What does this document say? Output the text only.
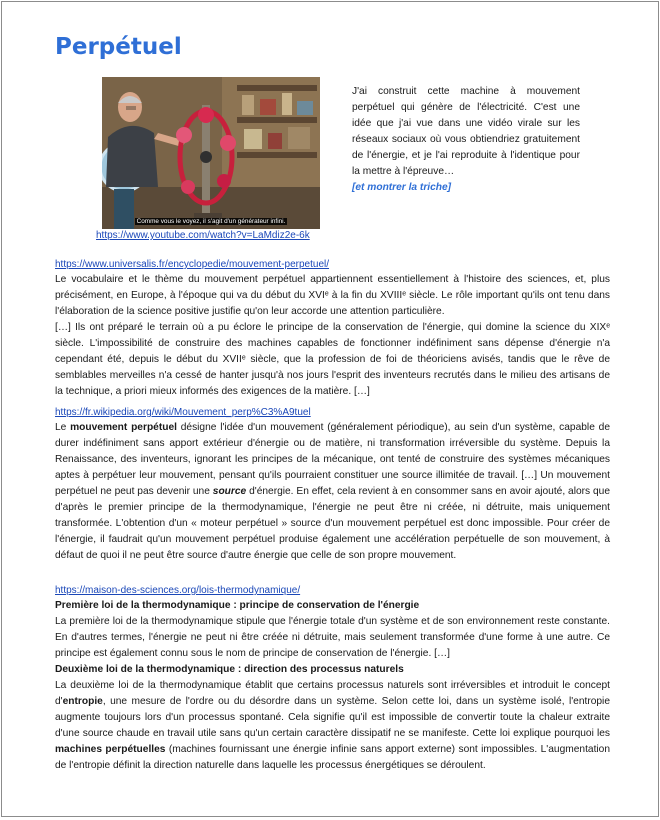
Perpétuel
Comme vous le voyez, il s'agit d'un générateur infini.
https://www.youtube.com/watch?v=LaMdiz2e-6k

J'ai construit cette machine à mouvement perpétuel qui génère de l'électricité. C'est une idée que j'ai vue dans une vidéo virale sur les réseaux sociaux où vous obtiendriez gratuitement de l'énergie, et je l'ai reproduite à l'identique pour la mettre à l'épreuve…
[et montrer la triche]

https://www.universalis.fr/encyclopedie/mouvement-perpetuel/

Le vocabulaire et le thème du mouvement perpétuel appartiennent essentiellement à l'histoire des sciences, et, plus précisément, en Europe, à l'époque qui va du début du XVIᵉ à la fin du XVIIIᵉ siècle. Le rôle important qu'ils ont tenu dans l'élaboration de la science positive justifie qu'on leur accorde une attention particulière.

[…] Ils ont préparé le terrain où a pu éclore le principe de la conservation de l'énergie, qui domine la science du XIXᵉ siècle. L'impossibilité de construire des machines capables de fonctionner indéfiniment sans dépense d'énergie n'a cependant été, depuis le début du XVIIᵉ siècle, que la profession de foi de théoriciens avisés, tandis que le rêve de semblables merveilles n'a cessé de hanter jusqu'à nos jours l'esprit des inventeurs recrutés dans le milieu des artisans de la technique, a priori mieux informés des exigences de la matière. […]

https://fr.wikipedia.org/wiki/Mouvement_perp%C3%A9tuel

Le mouvement perpétuel désigne l'idée d'un mouvement (généralement périodique), au sein d'un système, capable de durer indéfiniment sans apport extérieur d'énergie ou de matière, ni transformation irréversible du système. Depuis la Renaissance, des inventeurs, ignorant les principes de la mécanique, ont tenté de construire des systèmes mécaniques aptes à perpétuer leur mouvement, pensant qu'ils pourraient constituer une source illimitée de travail. […] Un mouvement perpétuel ne peut pas devenir une source d'énergie. En effet, cela revient à en consommer sans en avoir ajouté, alors que d'après le premier principe de la thermodynamique, l'énergie ne peut être ni créée, ni détruite, mais uniquement transformée. L'obtention d'un « moteur perpétuel » source d'un mouvement perpétuel est donc impossible. Pour créer de l'énergie, il faudrait qu'un mouvement perpétuel produise également une accélération perpétuelle de son mouvement, à défaut de quoi il ne peut être source d'autre énergie que celle de son propre mouvement.

https://maison-des-sciences.org/lois-thermodynamique/
Première loi de la thermodynamique : principe de conservation de l'énergie

La première loi de la thermodynamique stipule que l'énergie totale d'un système et de son environnement reste constante. En d'autres termes, l'énergie ne peut ni être créée ni détruite, mais seulement transformée d'une forme à une autre. Ce principe est également connu sous le nom de principe de conservation de l'énergie. […]

Deuxième loi de la thermodynamique : direction des processus naturels

La deuxième loi de la thermodynamique établit que certains processus naturels sont irréversibles et introduit le concept d'entropie, une mesure de l'ordre ou du désordre dans un système. Selon cette loi, dans un système isolé, l'entropie augmente toujours lors d'un processus spontané. Cela signifie qu'il est impossible de convertir toute la chaleur extraite d'une source chaude en travail utile sans qu'un certain caractère dissipatif ne se manifeste. Cette loi explique pourquoi les machines perpétuelles (machines fournissant une énergie infinie sans apport externe) sont impossibles. L'augmentation de l'entropie définit la direction naturelle dans laquelle les processus énergétiques se déroulent.
